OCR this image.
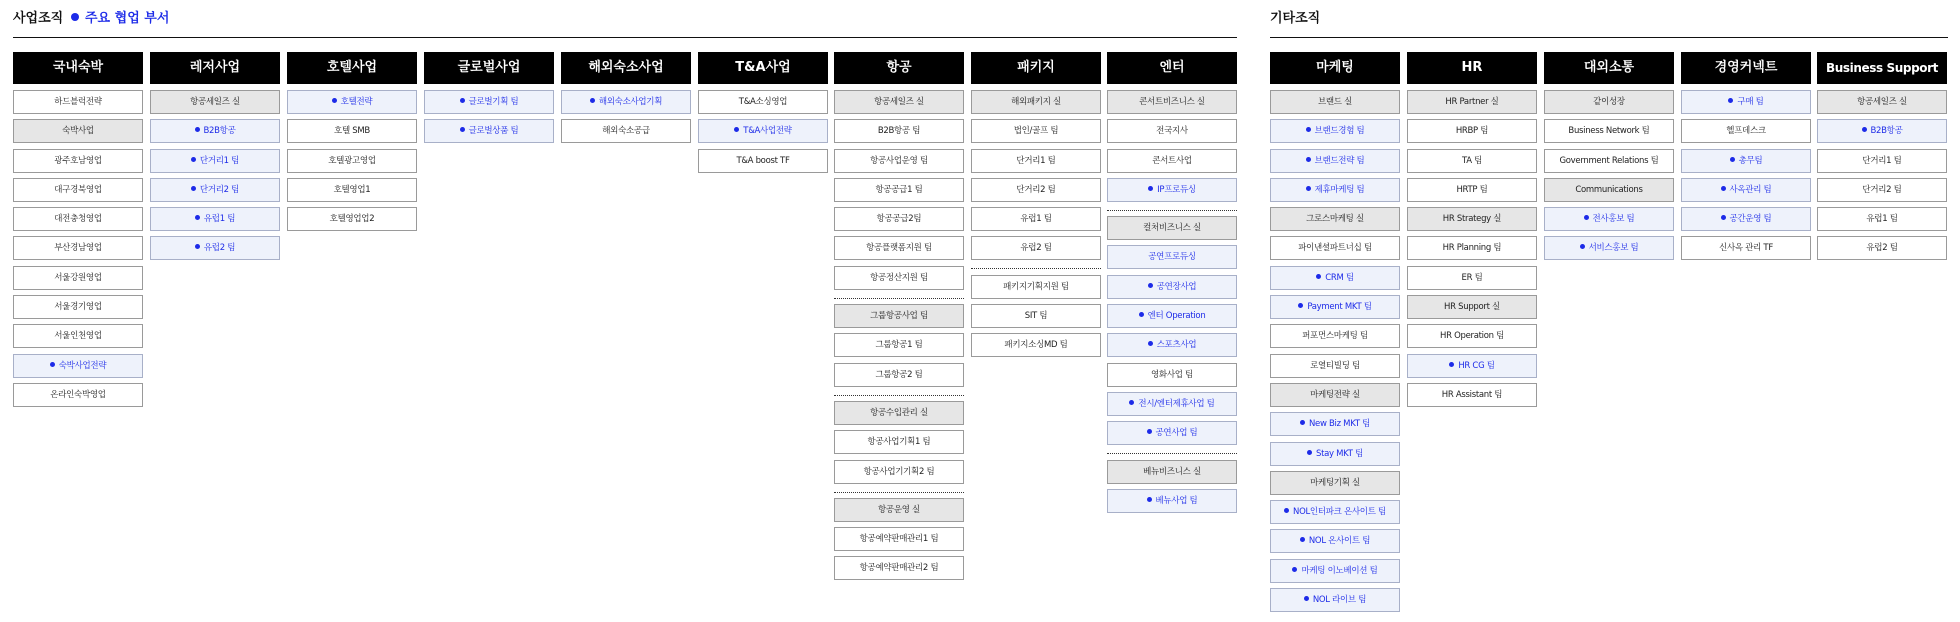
사업조직	주요 협업 부서	기타조직
국내숙박
하드블럭전략
숙박사업
광주호남영업
대구경북영업
대전충청영업
부산경남영업
서울강원영업
서울경기영업
서울인천영업
숙박사업전략
온라인숙박영업
레저사업
항공세일즈 실
B2B항공
단거리1 팀
단거리2 팀
유럽1 팀
유럽2 팀
호텔사업
호텔전략
호텔 SMB
호텔광고영업
호텔영업1
호텔영업업2
글로벌사업
글로벌기획 팀
글로벌상품 팀
해외숙소사업
해외숙소사업기획
해외숙소공급
T&A사업
T&A소싱영업
T&A사업전략
T&A boost TF
항공
항공세일즈 실
B2B항공 팀
항공사업운영 팀
항공공급1 팀
항공공급2팀
항공플랫폼지원 팀
항공정산지원 팀
그룹항공사업 팀
그룹항공1 팀
그룹항공2 팀
항공수입관리 실
항공사업기획1 팀
항공사업기기획2 팀
항공운영 실
항공예약판매관리1 팀
항공예약판매관리2 팀
패키지
해외패키지 실
법인/골프 팀
단거리1 팀
단거리2 팀
유럽1 팀
유럽2 팀
패키지기획지원 팀
SIT 팀
패키지소싱MD 팀
엔터
콘서트비즈니스 실
전국지사
콘서트사업
IP프로듀싱
컬처비즈니스 실
공연프로듀싱
공연장사업
엔터 Operation
스포츠사업
영화사업 팀
전시/엔터제휴사업 팀
공연사업 팀
베뉴비즈니스 실
베뉴사업 팀
마케팅
브랜드 실
브랜드경험 팀
브랜드전략 팀
제휴마케팅 팀
그로스마케팅 실
파이낸셜파트너십 팀
CRM 팀
Payment MKT 팀
퍼포먼스마케팅 팀
로열티빌딩 팀
마케팅전략 실
New Biz MKT 팀
Stay MKT 팀
마케팅기획 실
NOL인터파크 온사이트 팀
NOL 온사이트 팀
마케팅 이노베이션 팀
NOL 라이브 팀
HR
HR Partner 실
HRBP 팀
TA 팀
HRTP 팀
HR Strategy 실
HR Planning 팀
ER 팀
HR Support 실
HR Operation 팀
HR CG 팀
HR Assistant 팀
대외소통
같이성장
Business Network 팀
Government Relations 팀
Communications
전사홍보 팀
서비스홍보 팀
경영커넥트
구매 팀
헬프데스크
총무팀
사옥관리 팀
공간운영 팀
신사옥 관리 TF
Business Support
항공세일즈 실
B2B항공
단거리1 팀
단거리2 팀
유럽1 팀
유럽2 팀
